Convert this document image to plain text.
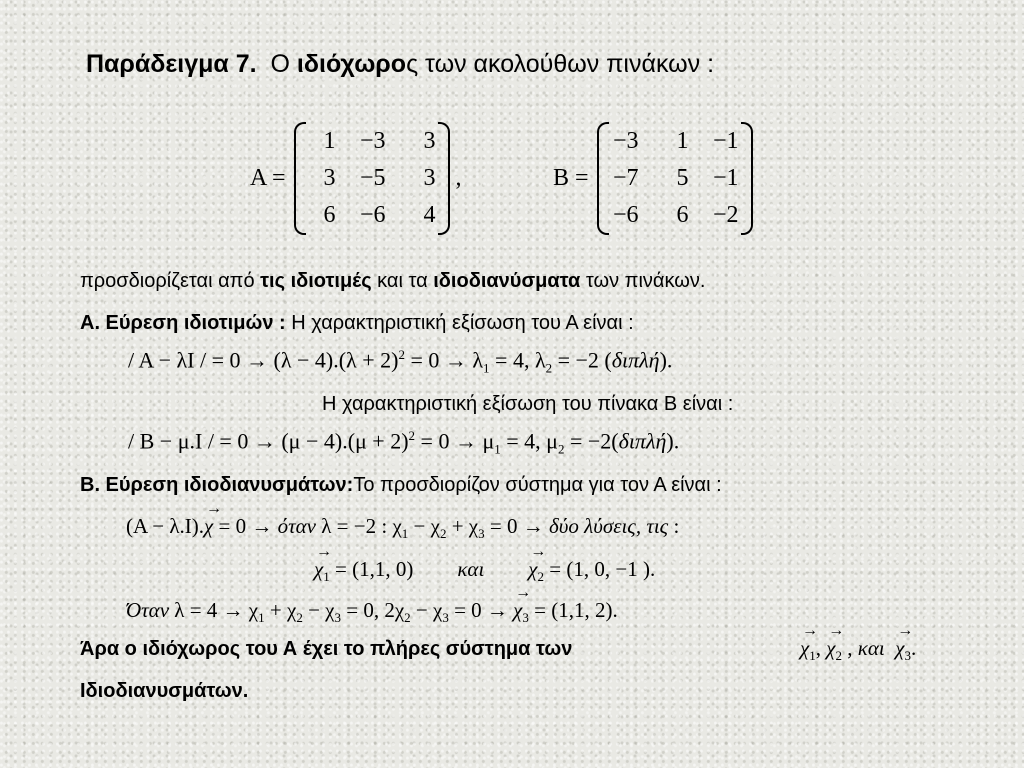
Παράδειγμα 7. Ο ιδιόχωρος των ακολούθων πινάκων :
A =
1 −3	3
3 −5	3
6 −6	4
,	B =
−3	1 −1
−7	5 −1
−6	6 −2
προσδιορίζεται από τις ιδιοτιμές και τα ιδιοδιανύσματα των πινάκων.
Α. Εύρεση ιδιοτιμών : Η χαρακτηριστική εξίσωση του Α είναι :
/ A − λI / = $0 \to (\lambda - 4).(\lambda + 2)^2 = 0 \to \lambda_1 = 4$, $\lambda_2 = -2$ (διπλή).
Η χαρακτηριστική εξίσωση του πίνακα Β είναι :
/ B − μ.I / = $0 \to (\mu - 4).(\mu + 2)^2 = 0 \to \mu_1 = 4$, $\mu_2 = -2(\delta\iota\pi\lambda ή)$.
Β. Εύρεση ιδιοδιανυσμάτων:Το προσδιορίζον σύστημα για τον Α είναι :
(A − λ.I).→ χ = 0 → όταν λ = −2 : $\chi_1 - \chi_2 + \chi_3 = 0 \to \delta ύo$ λύσεις, τις :
→ $\chi_1 = (1,1$, 0) $\kappa\alpha\iota \to \chi_2 = (1$, 0, −1 ).
Όταν $\lambda = 4 \to \chi_1 + \chi_2 - \chi_3 = 0$, $2\chi_2 - \chi_3 = 0$ → → $\chi_3 = (1,1$, 2).
Άρα ο ιδιόχωρος του Α έχει το πλήρες σύστημα των	→ $\chi_1$, → $\chi_2$ , $\kappa\alpha\iota \to \chi_3$.
Ιδιοδιανυσμάτων.
